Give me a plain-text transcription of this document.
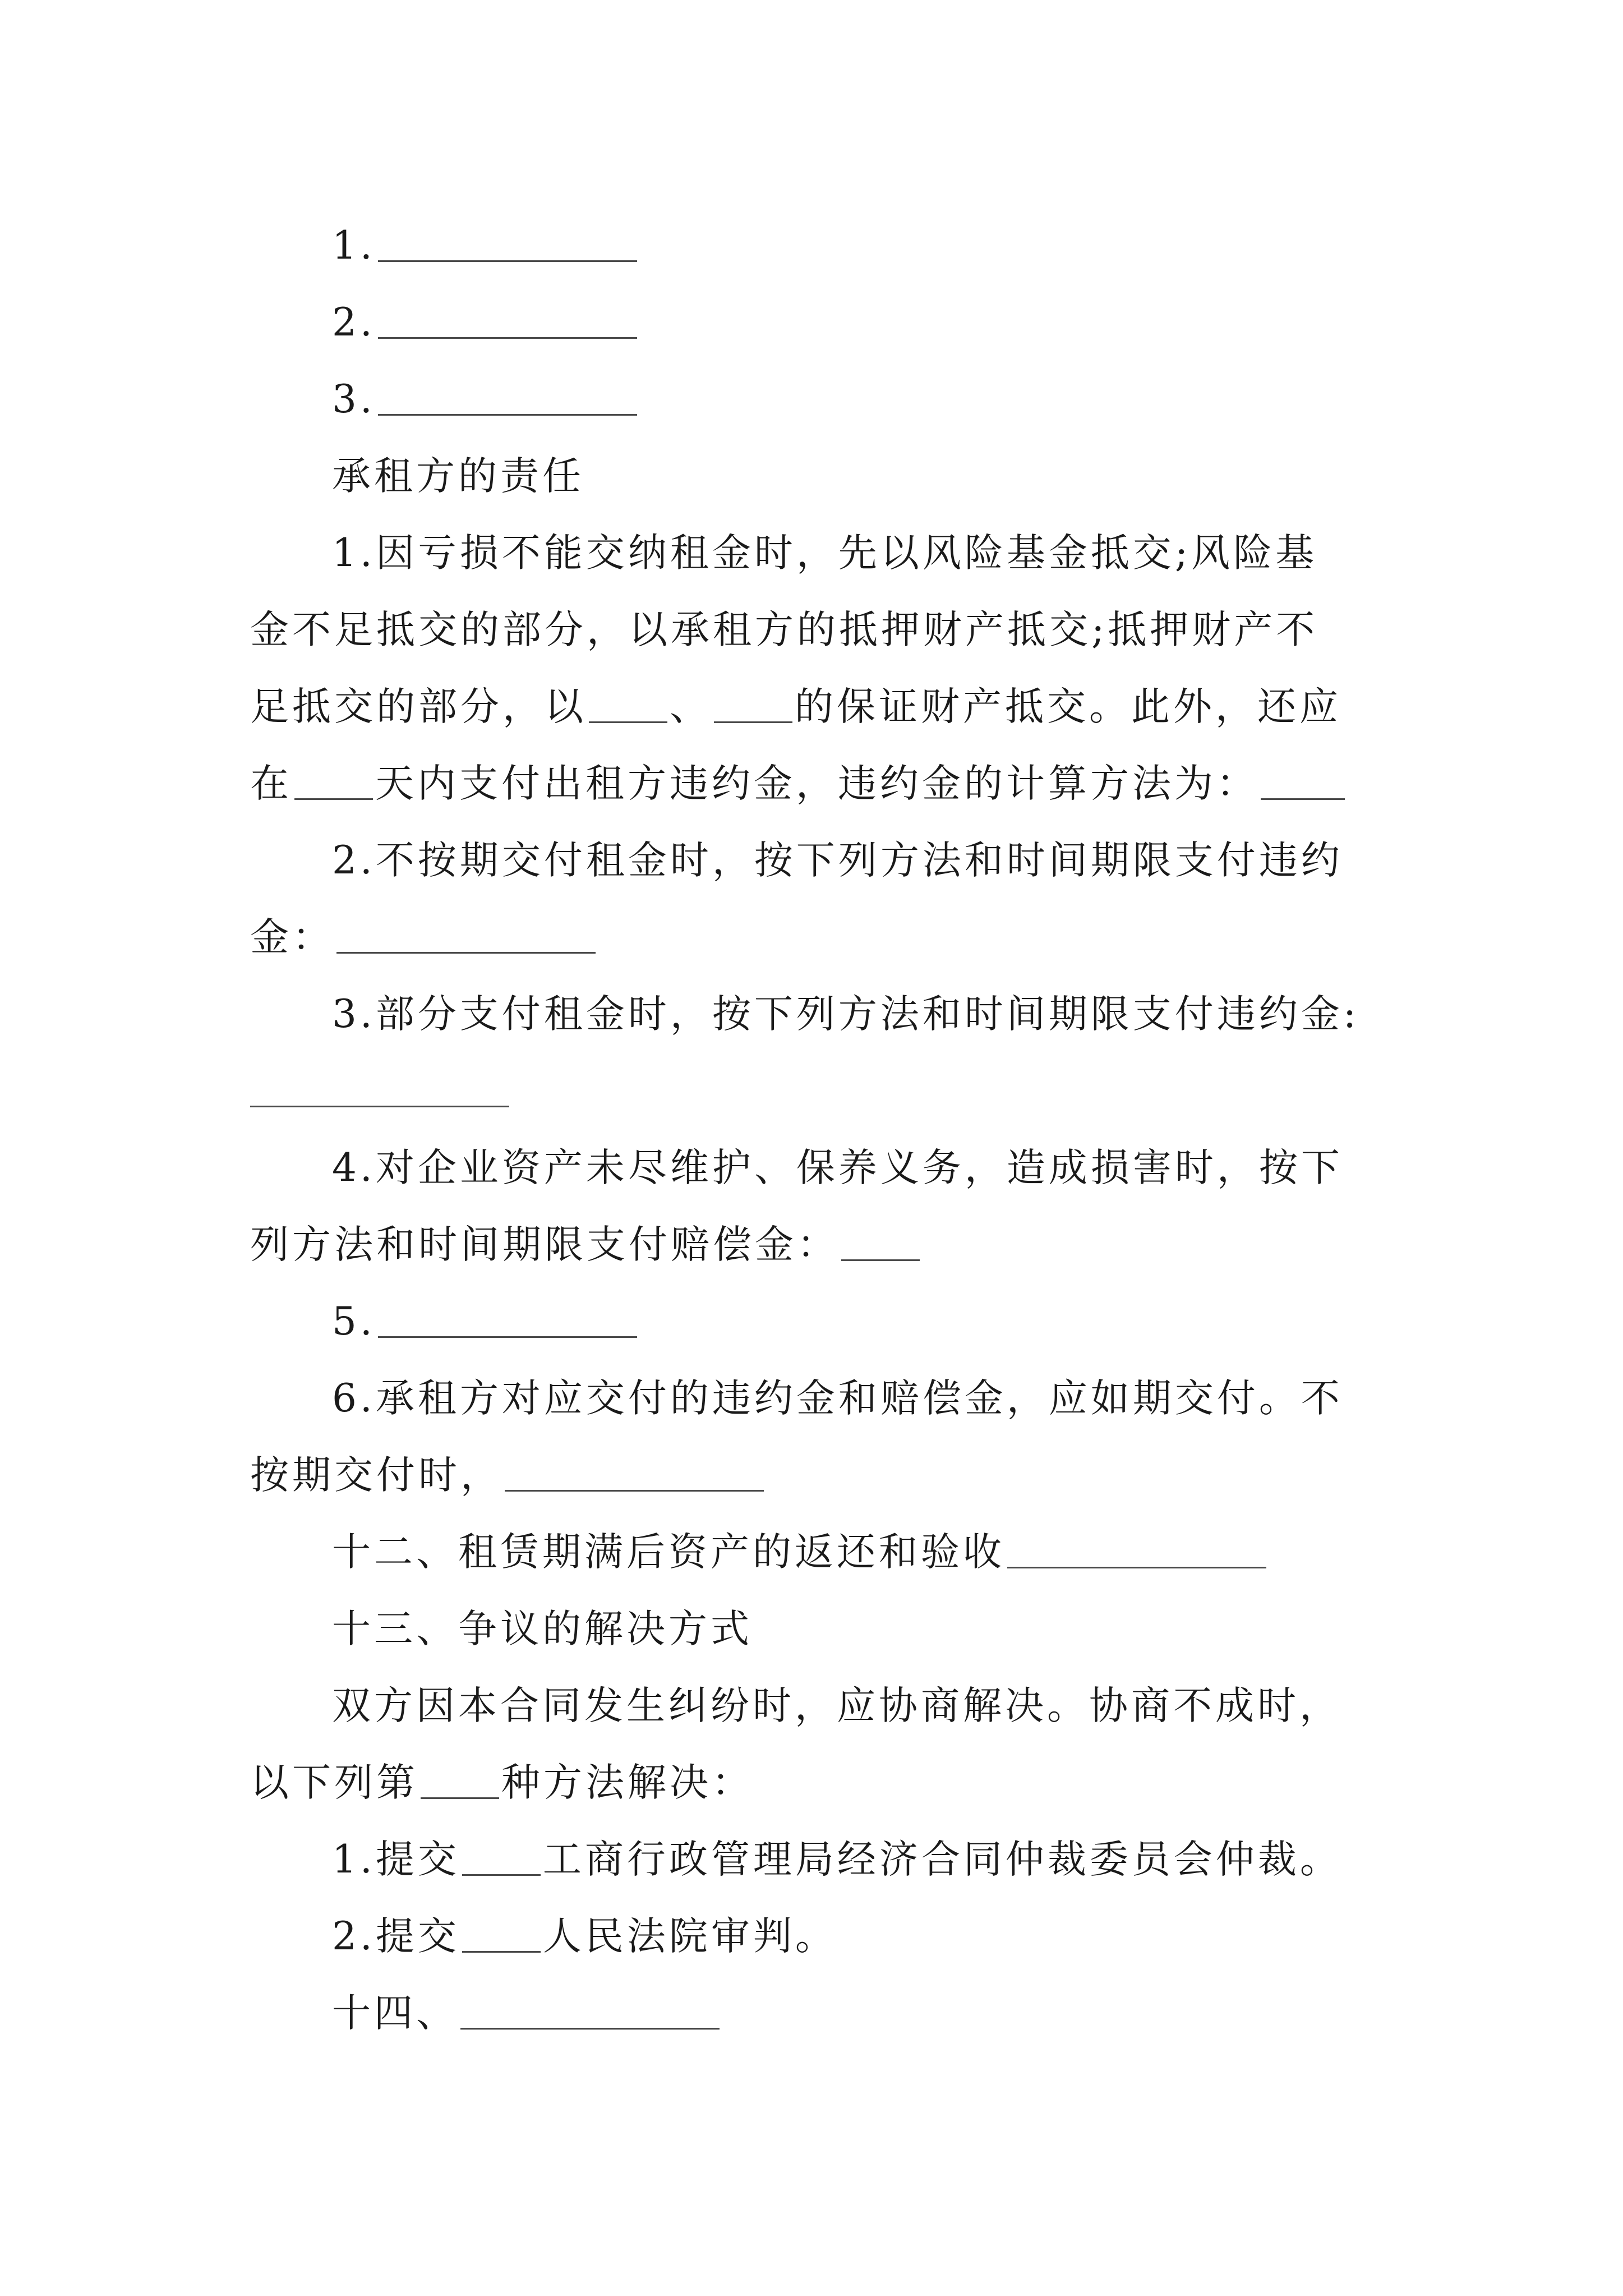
1.
2.
3.
承租方的责任
1.因亏损不能交纳租金时，先以风险基金抵交;风险基
金不足抵交的部分，以承租方的抵押财产抵交;抵押财产不
足抵交的部分，以 、 的保证财产抵交。此外，还应
在 天内支付出租方违约金，违约金的计算方法为：
2.不按期交付租金时，按下列方法和时间期限支付违约
金：
3.部分支付租金时，按下列方法和时间期限支付违约金:
4.对企业资产未尽维护、保养义务，造成损害时，按下
列方法和时间期限支付赔偿金：
5.
6.承租方对应交付的违约金和赔偿金，应如期交付。不
按期交付时，
十二、租赁期满后资产的返还和验收
十三、争议的解决方式
双方因本合同发生纠纷时，应协商解决。协商不成时，
以下列第 种方法解决：
1.提交 工商行政管理局经济合同仲裁委员会仲裁。
2.提交 人民法院审判。
十四、
